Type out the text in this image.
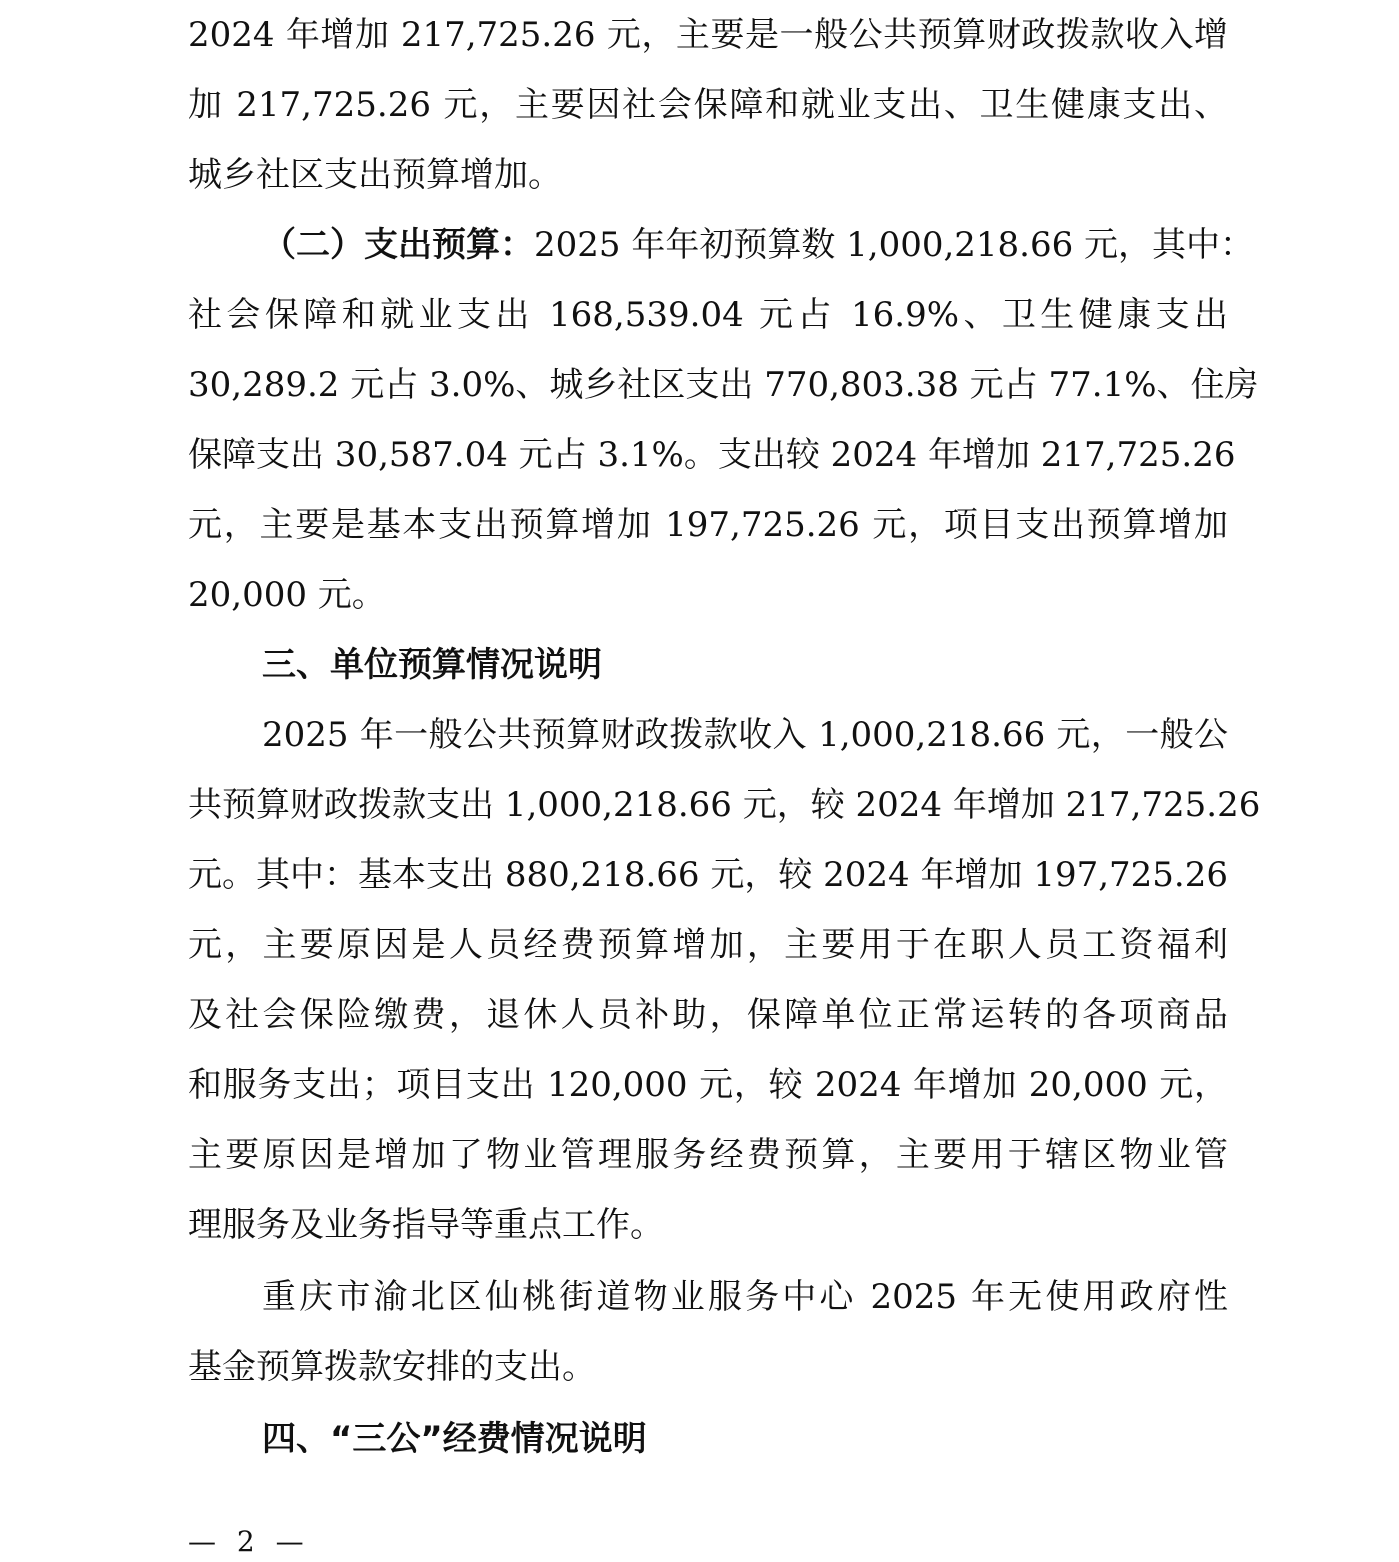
2024 年增加 217,725.26 元，主要是一般公共预算财政拨款收入增
加 217,725.26 元，主要因社会保障和就业支出、卫生健康支出、
城乡社区支出预算增加。
（二）支出预算：2025 年年初预算数 1,000,218.66 元，其中：
社会保障和就业支出 168,539.04 元占 16.9%、卫生健康支出
30,289.2 元占 3.0%、城乡社区支出 770,803.38 元占 77.1%、住房
保障支出 30,587.04 元占 3.1%。支出较 2024 年增加 217,725.26
元，主要是基本支出预算增加 197,725.26 元，项目支出预算增加
20,000 元。
三、单位预算情况说明
2025 年一般公共预算财政拨款收入 1,000,218.66 元，一般公
共预算财政拨款支出 1,000,218.66 元，较 2024 年增加 217,725.26
元。其中：基本支出 880,218.66 元，较 2024 年增加 197,725.26
元，主要原因是人员经费预算增加，主要用于在职人员工资福利
及社会保险缴费，退休人员补助，保障单位正常运转的各项商品
和服务支出；项目支出 120,000 元，较 2024 年增加 20,000 元，
主要原因是增加了物业管理服务经费预算，主要用于辖区物业管
理服务及业务指导等重点工作。
重庆市渝北区仙桃街道物业服务中心 2025 年无使用政府性
基金预算拨款安排的支出。
四、“三公”经费情况说明
— 2 —
